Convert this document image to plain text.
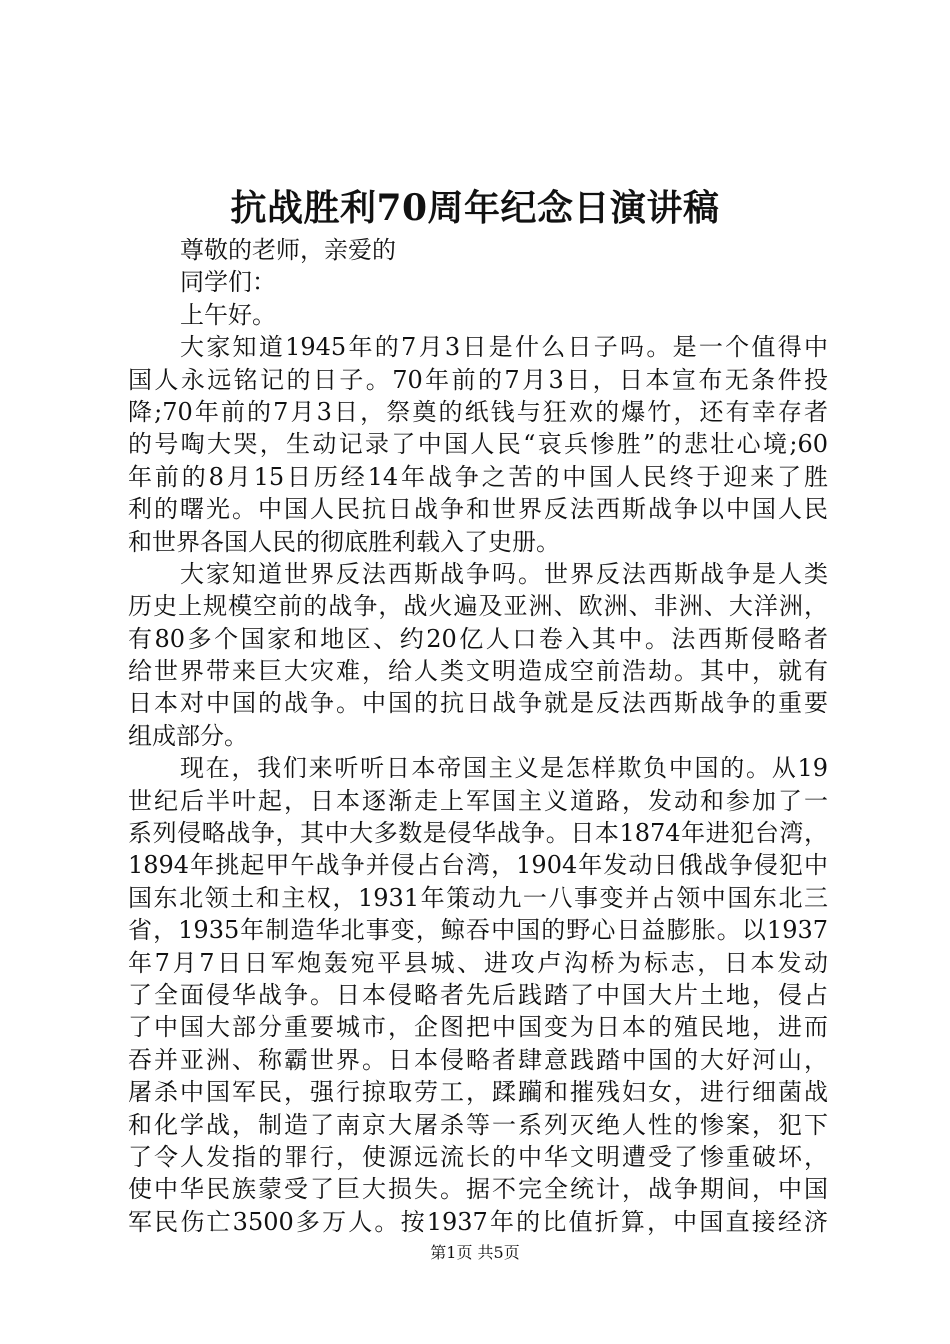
抗战胜利70周年纪念日演讲稿
尊敬的老师，亲爱的
同学们：
上午好。
大家知道1945年的7月3日是什么日子吗。是一个值得中
国人永远铭记的日子。70年前的7月3日，日本宣布无条件投
降;70年前的7月3日，祭奠的纸钱与狂欢的爆竹，还有幸存者
的号啕大哭，生动记录了中国人民“哀兵惨胜”的悲壮心境;60
年前的8月15日历经14年战争之苦的中国人民终于迎来了胜
利的曙光。中国人民抗日战争和世界反法西斯战争以中国人民
和世界各国人民的彻底胜利载入了史册。
大家知道世界反法西斯战争吗。世界反法西斯战争是人类
历史上规模空前的战争，战火遍及亚洲、欧洲、非洲、大洋洲，
有80多个国家和地区、约20亿人口卷入其中。法西斯侵略者
给世界带来巨大灾难，给人类文明造成空前浩劫。其中，就有
日本对中国的战争。中国的抗日战争就是反法西斯战争的重要
组成部分。
现在，我们来听听日本帝国主义是怎样欺负中国的。从19
世纪后半叶起，日本逐渐走上军国主义道路，发动和参加了一
系列侵略战争，其中大多数是侵华战争。日本1874年进犯台湾，
1894年挑起甲午战争并侵占台湾，1904年发动日俄战争侵犯中
国东北领土和主权，1931年策动九一八事变并占领中国东北三
省，1935年制造华北事变，鲸吞中国的野心日益膨胀。以1937
年7月7日日军炮轰宛平县城、进攻卢沟桥为标志，日本发动
了全面侵华战争。日本侵略者先后践踏了中国大片土地，侵占
了中国大部分重要城市，企图把中国变为日本的殖民地，进而
吞并亚洲、称霸世界。日本侵略者肆意践踏中国的大好河山，
屠杀中国军民，强行掠取劳工，蹂躏和摧残妇女，进行细菌战
和化学战，制造了南京大屠杀等一系列灭绝人性的惨案，犯下
了令人发指的罪行，使源远流长的中华文明遭受了惨重破坏，
使中华民族蒙受了巨大损失。据不完全统计，战争期间，中国
军民伤亡3500多万人。按1937年的比值折算，中国直接经济
第1页 共5页
